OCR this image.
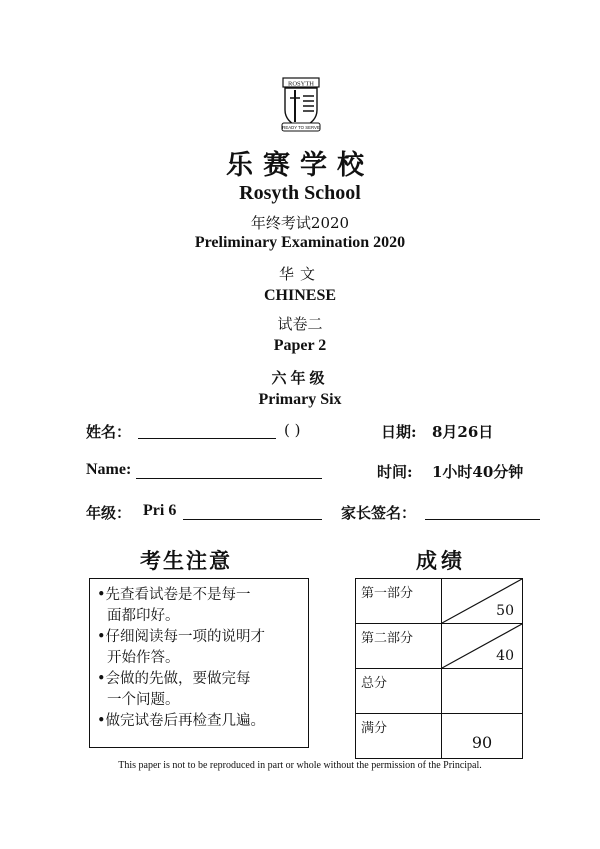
ROSYTH
READY TO SERVE
乐赛学校
Rosyth School
年终考试2020
Preliminary Examination 2020
华文
CHINESE
试卷二
Paper 2
六年级
Primary Six
姓名：	( )	日期: 8月26日
Name:	时间: 1小时40分钟
年级： Pri 6	家长签名：
考生注意	成绩

•先查看试卷是不是每一

面都印好。

•仔细阅读每一项的说明才

开始作答。

•会做的先做，要做完每

一个问题。

•做完试卷后再检查几遍。

第一部分	50

第二部分	40

总分	

满分	90
This paper is not to be reproduced in part or whole without the permission of the Principal.
